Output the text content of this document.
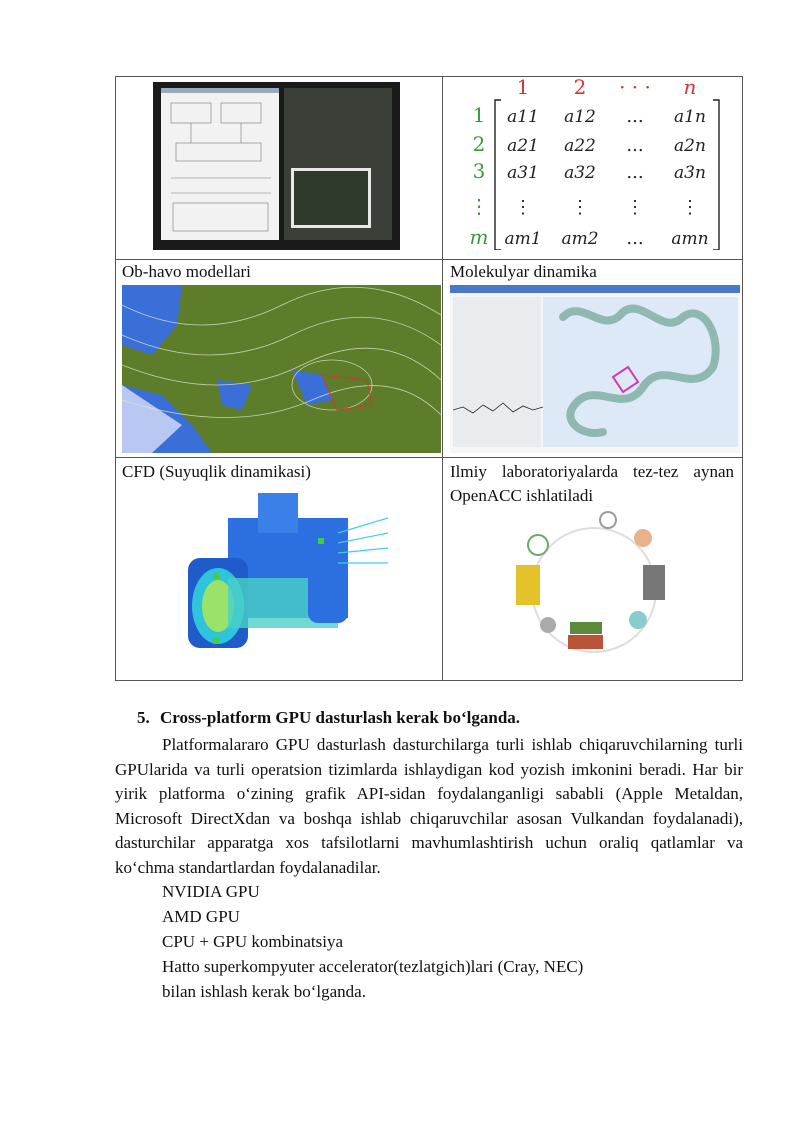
1 2 · · · n
1
2
3
⋮
m
a11 a12 ... a1n
a21 a22 ... a2n
a31 a32 ... a3n
⋮ ⋮ ⋮ ⋮
am1 am2 ... amn
Ob-havo modellari	Molekulyar dinamika
CFD (Suyuqlik dinamikasi)	Ilmiy laboratoriyalarda tez-tez aynan OpenACC ishlatiladi
5. Cross-platform GPU dasturlash kerak bo‘lganda.

Platformalararo GPU dasturlash dasturchilarga turli ishlab chiqaruvchilarning turli GPUlarida va turli operatsion tizimlarda ishlaydigan kod yozish imkonini beradi. Har bir yirik platforma o‘zining grafik API-sidan foydalanganligi sababli (Apple Metaldan, Microsoft DirectXdan va boshqa ishlab chiqaruvchilar asosan Vulkandan foydalanadi), dasturchilar apparatga xos tafsilotlarni mavhumlashtirish uchun oraliq qatlamlar va ko‘chma standartlardan foydalanadilar.

NVIDIA GPU
AMD GPU
CPU + GPU kombinatsiya
Hatto superkompyuter accelerator(tezlatgich)lari (Cray, NEC)
bilan ishlash kerak bo‘lganda.
